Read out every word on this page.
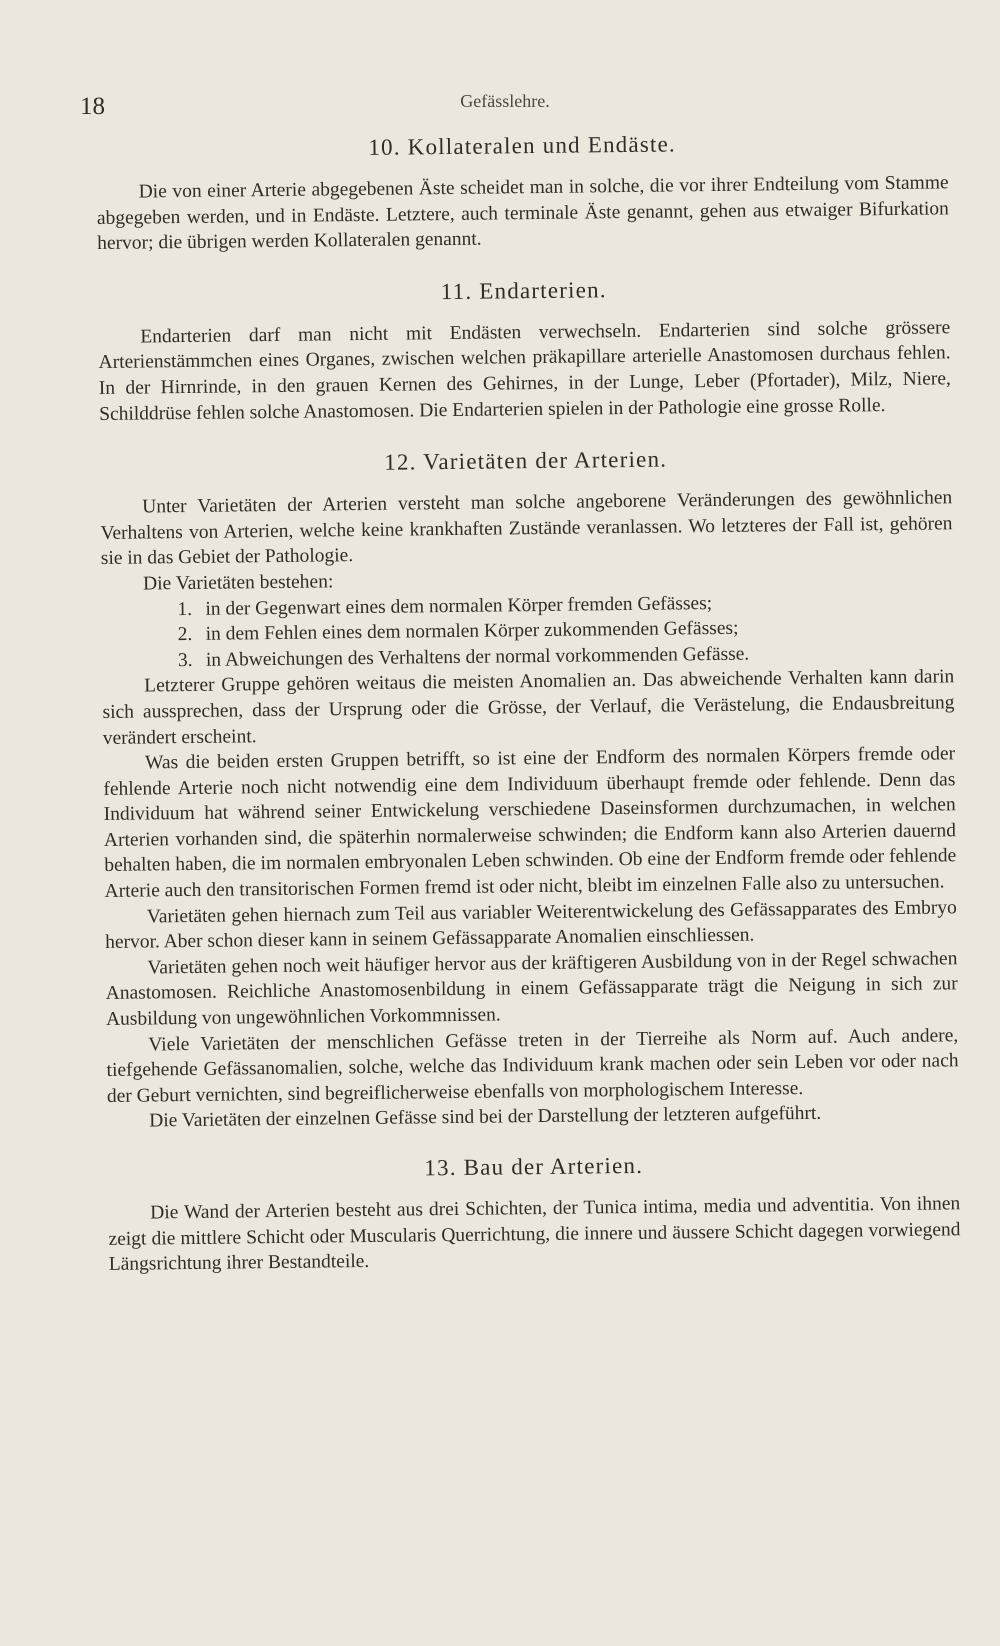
18	Gefässlehre.

10. Kollateralen und Endäste.

Die von einer Arterie abgegebenen Äste scheidet man in solche, die vor ihrer Endteilung vom Stamme abgegeben werden, und in Endäste. Letztere, auch terminale Äste genannt, gehen aus etwaiger Bifurkation hervor; die übrigen werden Kollateralen genannt.

11. Endarterien.

Endarterien darf man nicht mit Endästen verwechseln. Endarterien sind solche grössere Arterienstämmchen eines Organes, zwischen welchen präkapillare arterielle Anastomosen durchaus fehlen. In der Hirnrinde, in den grauen Kernen des Gehirnes, in der Lunge, Leber (Pfortader), Milz, Niere, Schilddrüse fehlen solche Anastomosen. Die Endarterien spielen in der Pathologie eine grosse Rolle.

12. Varietäten der Arterien.

Unter Varietäten der Arterien versteht man solche angeborene Veränderungen des gewöhnlichen Verhaltens von Arterien, welche keine krankhaften Zustände veranlassen. Wo letzteres der Fall ist, gehören sie in das Gebiet der Pathologie.

Die Varietäten bestehen:

1. in der Gegenwart eines dem normalen Körper fremden Gefässes;
2. in dem Fehlen eines dem normalen Körper zukommenden Gefässes;
3. in Abweichungen des Verhaltens der normal vorkommenden Gefässe.

Letzterer Gruppe gehören weitaus die meisten Anomalien an. Das abweichende Verhalten kann darin sich aussprechen, dass der Ursprung oder die Grösse, der Verlauf, die Verästelung, die Endausbreitung verändert erscheint.

Was die beiden ersten Gruppen betrifft, so ist eine der Endform des normalen Körpers fremde oder fehlende Arterie noch nicht notwendig eine dem Individuum überhaupt fremde oder fehlende. Denn das Individuum hat während seiner Entwickelung verschiedene Daseinsformen durchzumachen, in welchen Arterien vorhanden sind, die späterhin normalerweise schwinden; die Endform kann also Arterien dauernd behalten haben, die im normalen embryonalen Leben schwinden. Ob eine der Endform fremde oder fehlende Arterie auch den transitorischen Formen fremd ist oder nicht, bleibt im einzelnen Falle also zu untersuchen.

Varietäten gehen hiernach zum Teil aus variabler Weiterentwickelung des Gefässapparates des Embryo hervor. Aber schon dieser kann in seinem Gefässapparate Anomalien einschliessen.

Varietäten gehen noch weit häufiger hervor aus der kräftigeren Ausbildung von in der Regel schwachen Anastomosen. Reichliche Anastomosenbildung in einem Gefässapparate trägt die Neigung in sich zur Ausbildung von ungewöhnlichen Vorkommnissen.

Viele Varietäten der menschlichen Gefässe treten in der Tierreihe als Norm auf. Auch andere, tiefgehende Gefässanomalien, solche, welche das Individuum krank machen oder sein Leben vor oder nach der Geburt vernichten, sind begreiflicherweise ebenfalls von morphologischem Interesse.

Die Varietäten der einzelnen Gefässe sind bei der Darstellung der letzteren aufgeführt.

13. Bau der Arterien.

Die Wand der Arterien besteht aus drei Schichten, der Tunica intima, media und adventitia. Von ihnen zeigt die mittlere Schicht oder Muscularis Querrichtung, die innere und äussere Schicht dagegen vorwiegend Längsrichtung ihrer Bestandteile.
